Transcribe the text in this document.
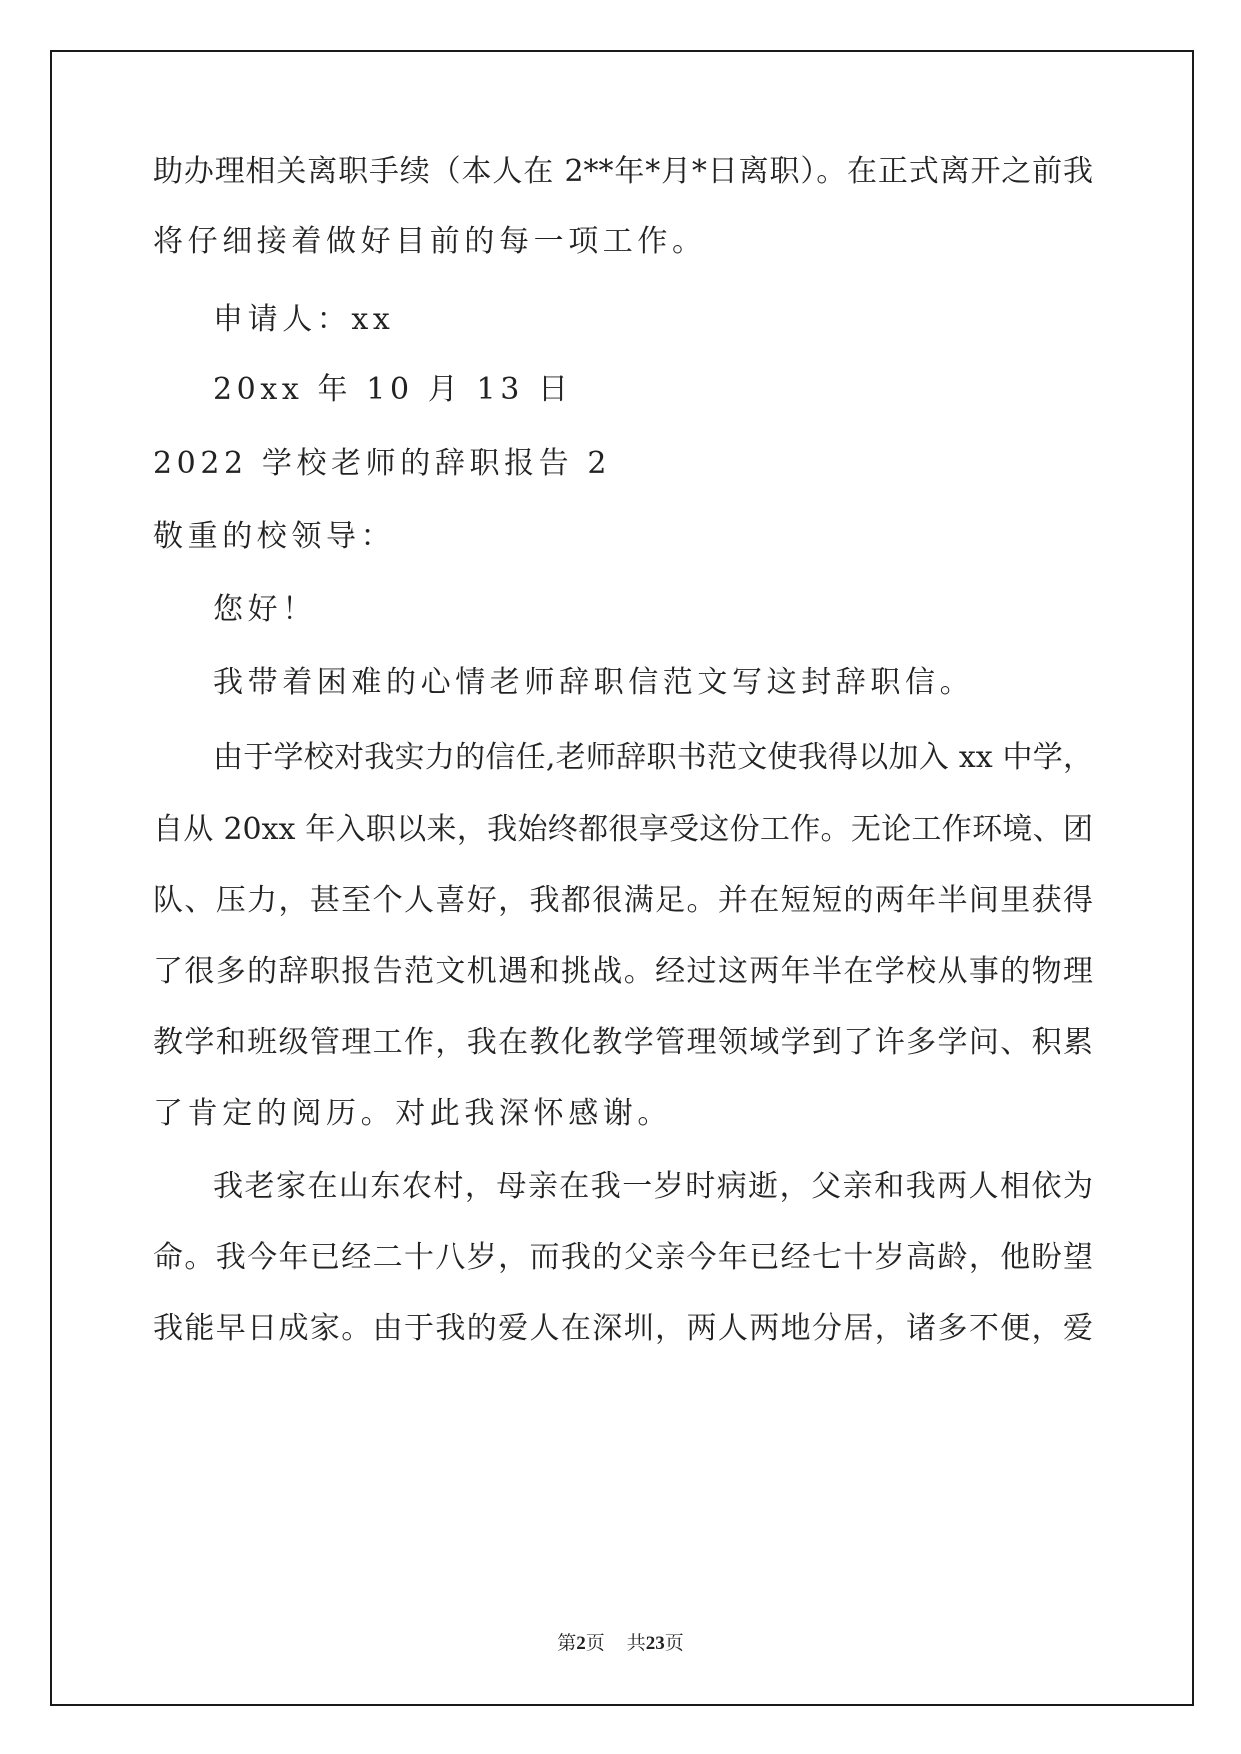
助办理相关离职手续（本人在 2**年*月*日离职）。在正式离开之前我
将仔细接着做好目前的每一项工作。
申请人：xx
20xx 年 10 月 13 日
2022 学校老师的辞职报告 2
敬重的校领导：
您好！
我带着困难的心情老师辞职信范文写这封辞职信。
由于学校对我实力的信任,老师辞职书范文使我得以加入 xx 中学，
自从 20xx 年入职以来，我始终都很享受这份工作。无论工作环境、团
队、压力，甚至个人喜好，我都很满足。并在短短的两年半间里获得
了很多的辞职报告范文机遇和挑战。经过这两年半在学校从事的物理
教学和班级管理工作，我在教化教学管理领域学到了许多学问、积累
了肯定的阅历。对此我深怀感谢。
我老家在山东农村，母亲在我一岁时病逝，父亲和我两人相依为
命。我今年已经二十八岁，而我的父亲今年已经七十岁高龄，他盼望
我能早日成家。由于我的爱人在深圳，两人两地分居，诸多不便，爱
第2页 共23页
